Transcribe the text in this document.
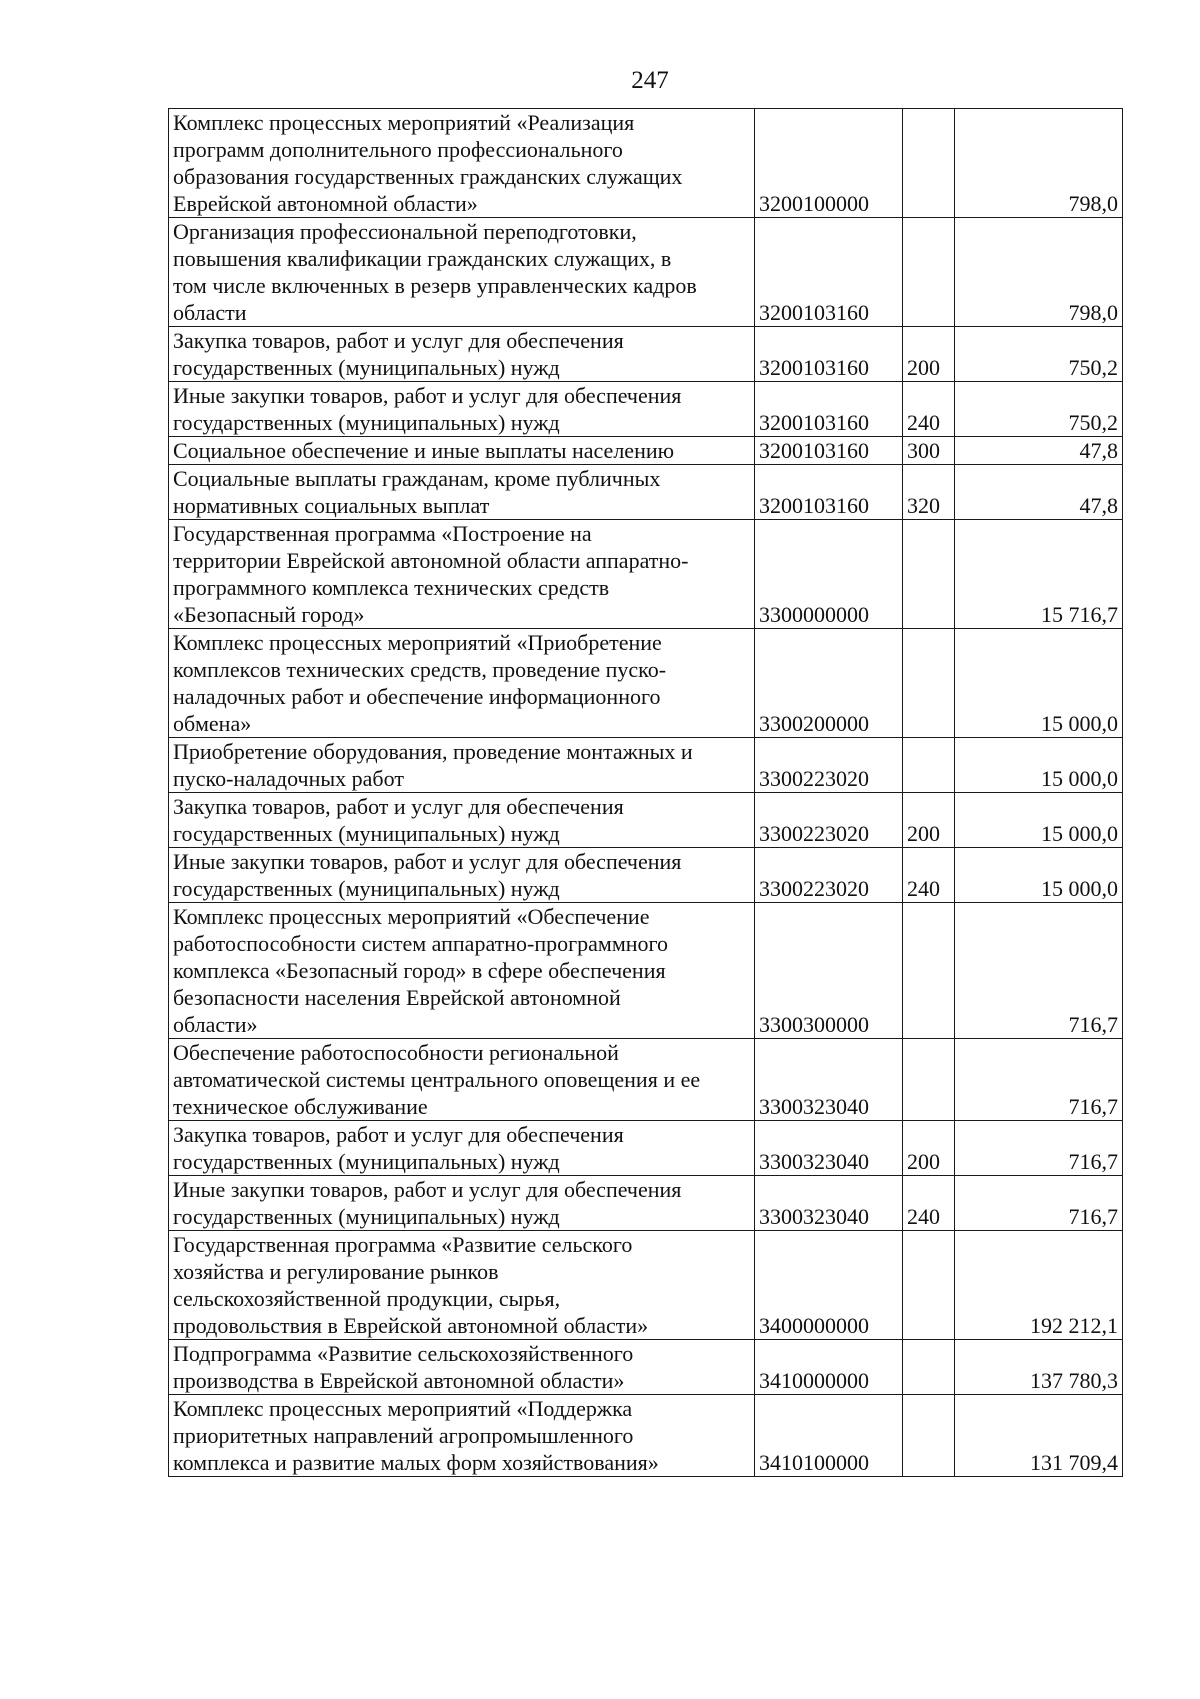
247
Комплекс процессных мероприятий «Реализация
программ дополнительного профессионального
образования государственных гражданских служащих
Еврейской автономной области»	3200100000		798,0
Организация профессиональной переподготовки,
повышения квалификации гражданских служащих, в
том числе включенных в резерв управленческих кадров
области	3200103160		798,0
Закупка товаров, работ и услуг для обеспечения
государственных (муниципальных) нужд	3200103160	200	750,2
Иные закупки товаров, работ и услуг для обеспечения
государственных (муниципальных) нужд	3200103160	240	750,2
Социальное обеспечение и иные выплаты населению	3200103160	300	47,8
Социальные выплаты гражданам, кроме публичных
нормативных социальных выплат	3200103160	320	47,8
Государственная программа «Построение на
территории Еврейской автономной области аппаратно-
программного комплекса технических средств
«Безопасный город»	3300000000		15 716,7
Комплекс процессных мероприятий «Приобретение
комплексов технических средств, проведение пуско-
наладочных работ и обеспечение информационного
обмена»	3300200000		15 000,0
Приобретение оборудования, проведение монтажных и
пуско-наладочных работ	3300223020		15 000,0
Закупка товаров, работ и услуг для обеспечения
государственных (муниципальных) нужд	3300223020	200	15 000,0
Иные закупки товаров, работ и услуг для обеспечения
государственных (муниципальных) нужд	3300223020	240	15 000,0
Комплекс процессных мероприятий «Обеспечение
работоспособности систем аппаратно-программного
комплекса «Безопасный город» в сфере обеспечения
безопасности населения Еврейской автономной
области»	3300300000		716,7
Обеспечение работоспособности региональной
автоматической системы центрального оповещения и ее
техническое обслуживание	3300323040		716,7
Закупка товаров, работ и услуг для обеспечения
государственных (муниципальных) нужд	3300323040	200	716,7
Иные закупки товаров, работ и услуг для обеспечения
государственных (муниципальных) нужд	3300323040	240	716,7
Государственная программа «Развитие сельского
хозяйства и регулирование рынков
сельскохозяйственной продукции, сырья,
продовольствия в Еврейской автономной области»	3400000000		192 212,1
Подпрограмма «Развитие сельскохозяйственного
производства в Еврейской автономной области»	3410000000		137 780,3
Комплекс процессных мероприятий «Поддержка
приоритетных направлений агропромышленного
комплекса и развитие малых форм хозяйствования»	3410100000		131 709,4
